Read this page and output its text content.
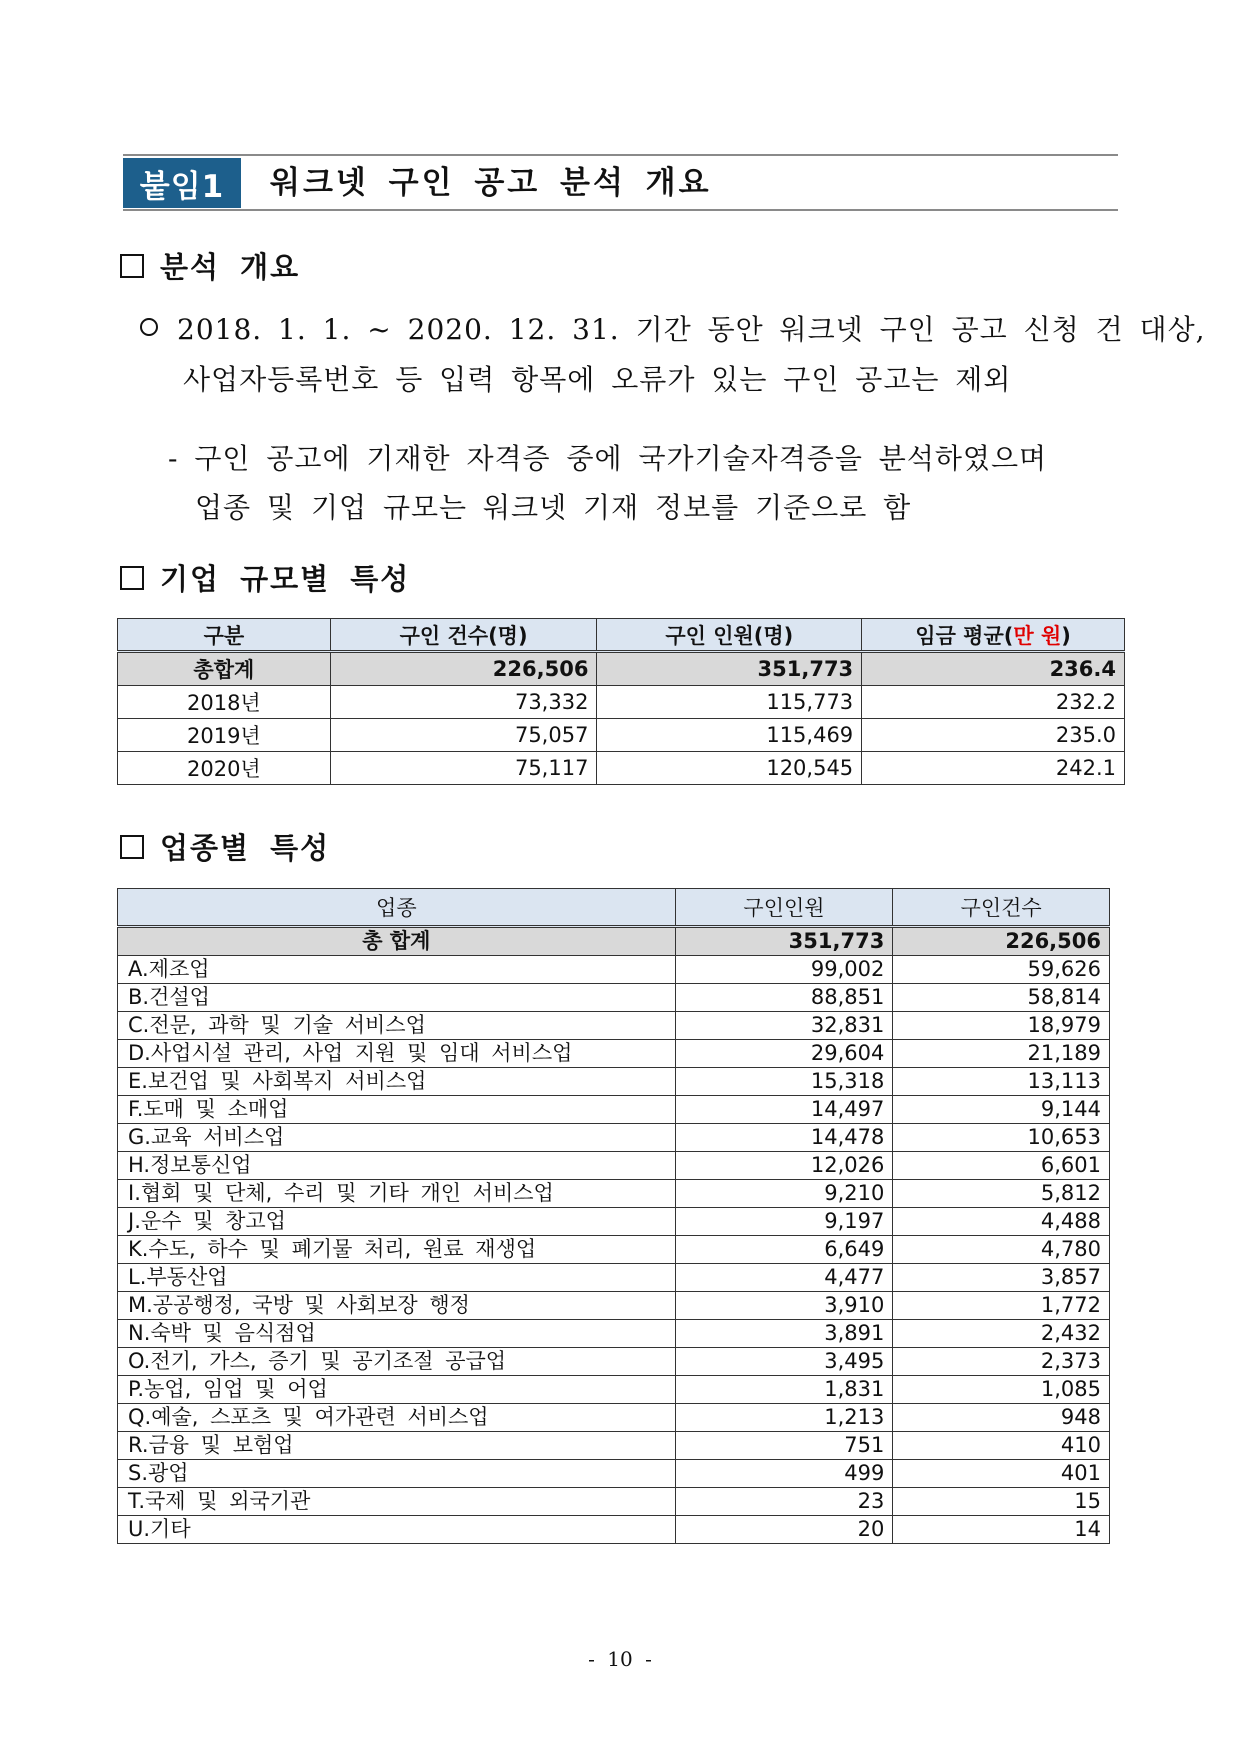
붙임1	워크넷 구인 공고 분석 개요
분석 개요
2018. 1. 1. ~ 2020. 12. 31. 기간 동안 워크넷 구인 공고 신청 건 대상,
사업자등록번호 등 입력 항목에 오류가 있는 구인 공고는 제외
- 구인 공고에 기재한 자격증 중에 국가기술자격증을 분석하였으며
업종 및 기업 규모는 워크넷 기재 정보를 기준으로 함
기업 규모별 특성
구분	구인 건수(명)	구인 인원(명)	임금 평균(만 원)
총합계	226,506	351,773	236.4
2018년	73,332	115,773	232.2
2019년	75,057	115,469	235.0
2020년	75,117	120,545	242.1
업종별 특성
업종	구인인원	구인건수
총 합계	351,773	226,506
A.제조업	99,002	59,626
B.건설업	88,851	58,814
C.전문, 과학 및 기술 서비스업	32,831	18,979
D.사업시설 관리, 사업 지원 및 임대 서비스업	29,604	21,189
E.보건업 및 사회복지 서비스업	15,318	13,113
F.도매 및 소매업	14,497	9,144
G.교육 서비스업	14,478	10,653
H.정보통신업	12,026	6,601
I.협회 및 단체, 수리 및 기타 개인 서비스업	9,210	5,812
J.운수 및 창고업	9,197	4,488
K.수도, 하수 및 폐기물 처리, 원료 재생업	6,649	4,780
L.부동산업	4,477	3,857
M.공공행정, 국방 및 사회보장 행정	3,910	1,772
N.숙박 및 음식점업	3,891	2,432
O.전기, 가스, 증기 및 공기조절 공급업	3,495	2,373
P.농업, 임업 및 어업	1,831	1,085
Q.예술, 스포츠 및 여가관련 서비스업	1,213	948
R.금융 및 보험업	751	410
S.광업	499	401
T.국제 및 외국기관	23	15
U.기타	20	14
- 10 -
